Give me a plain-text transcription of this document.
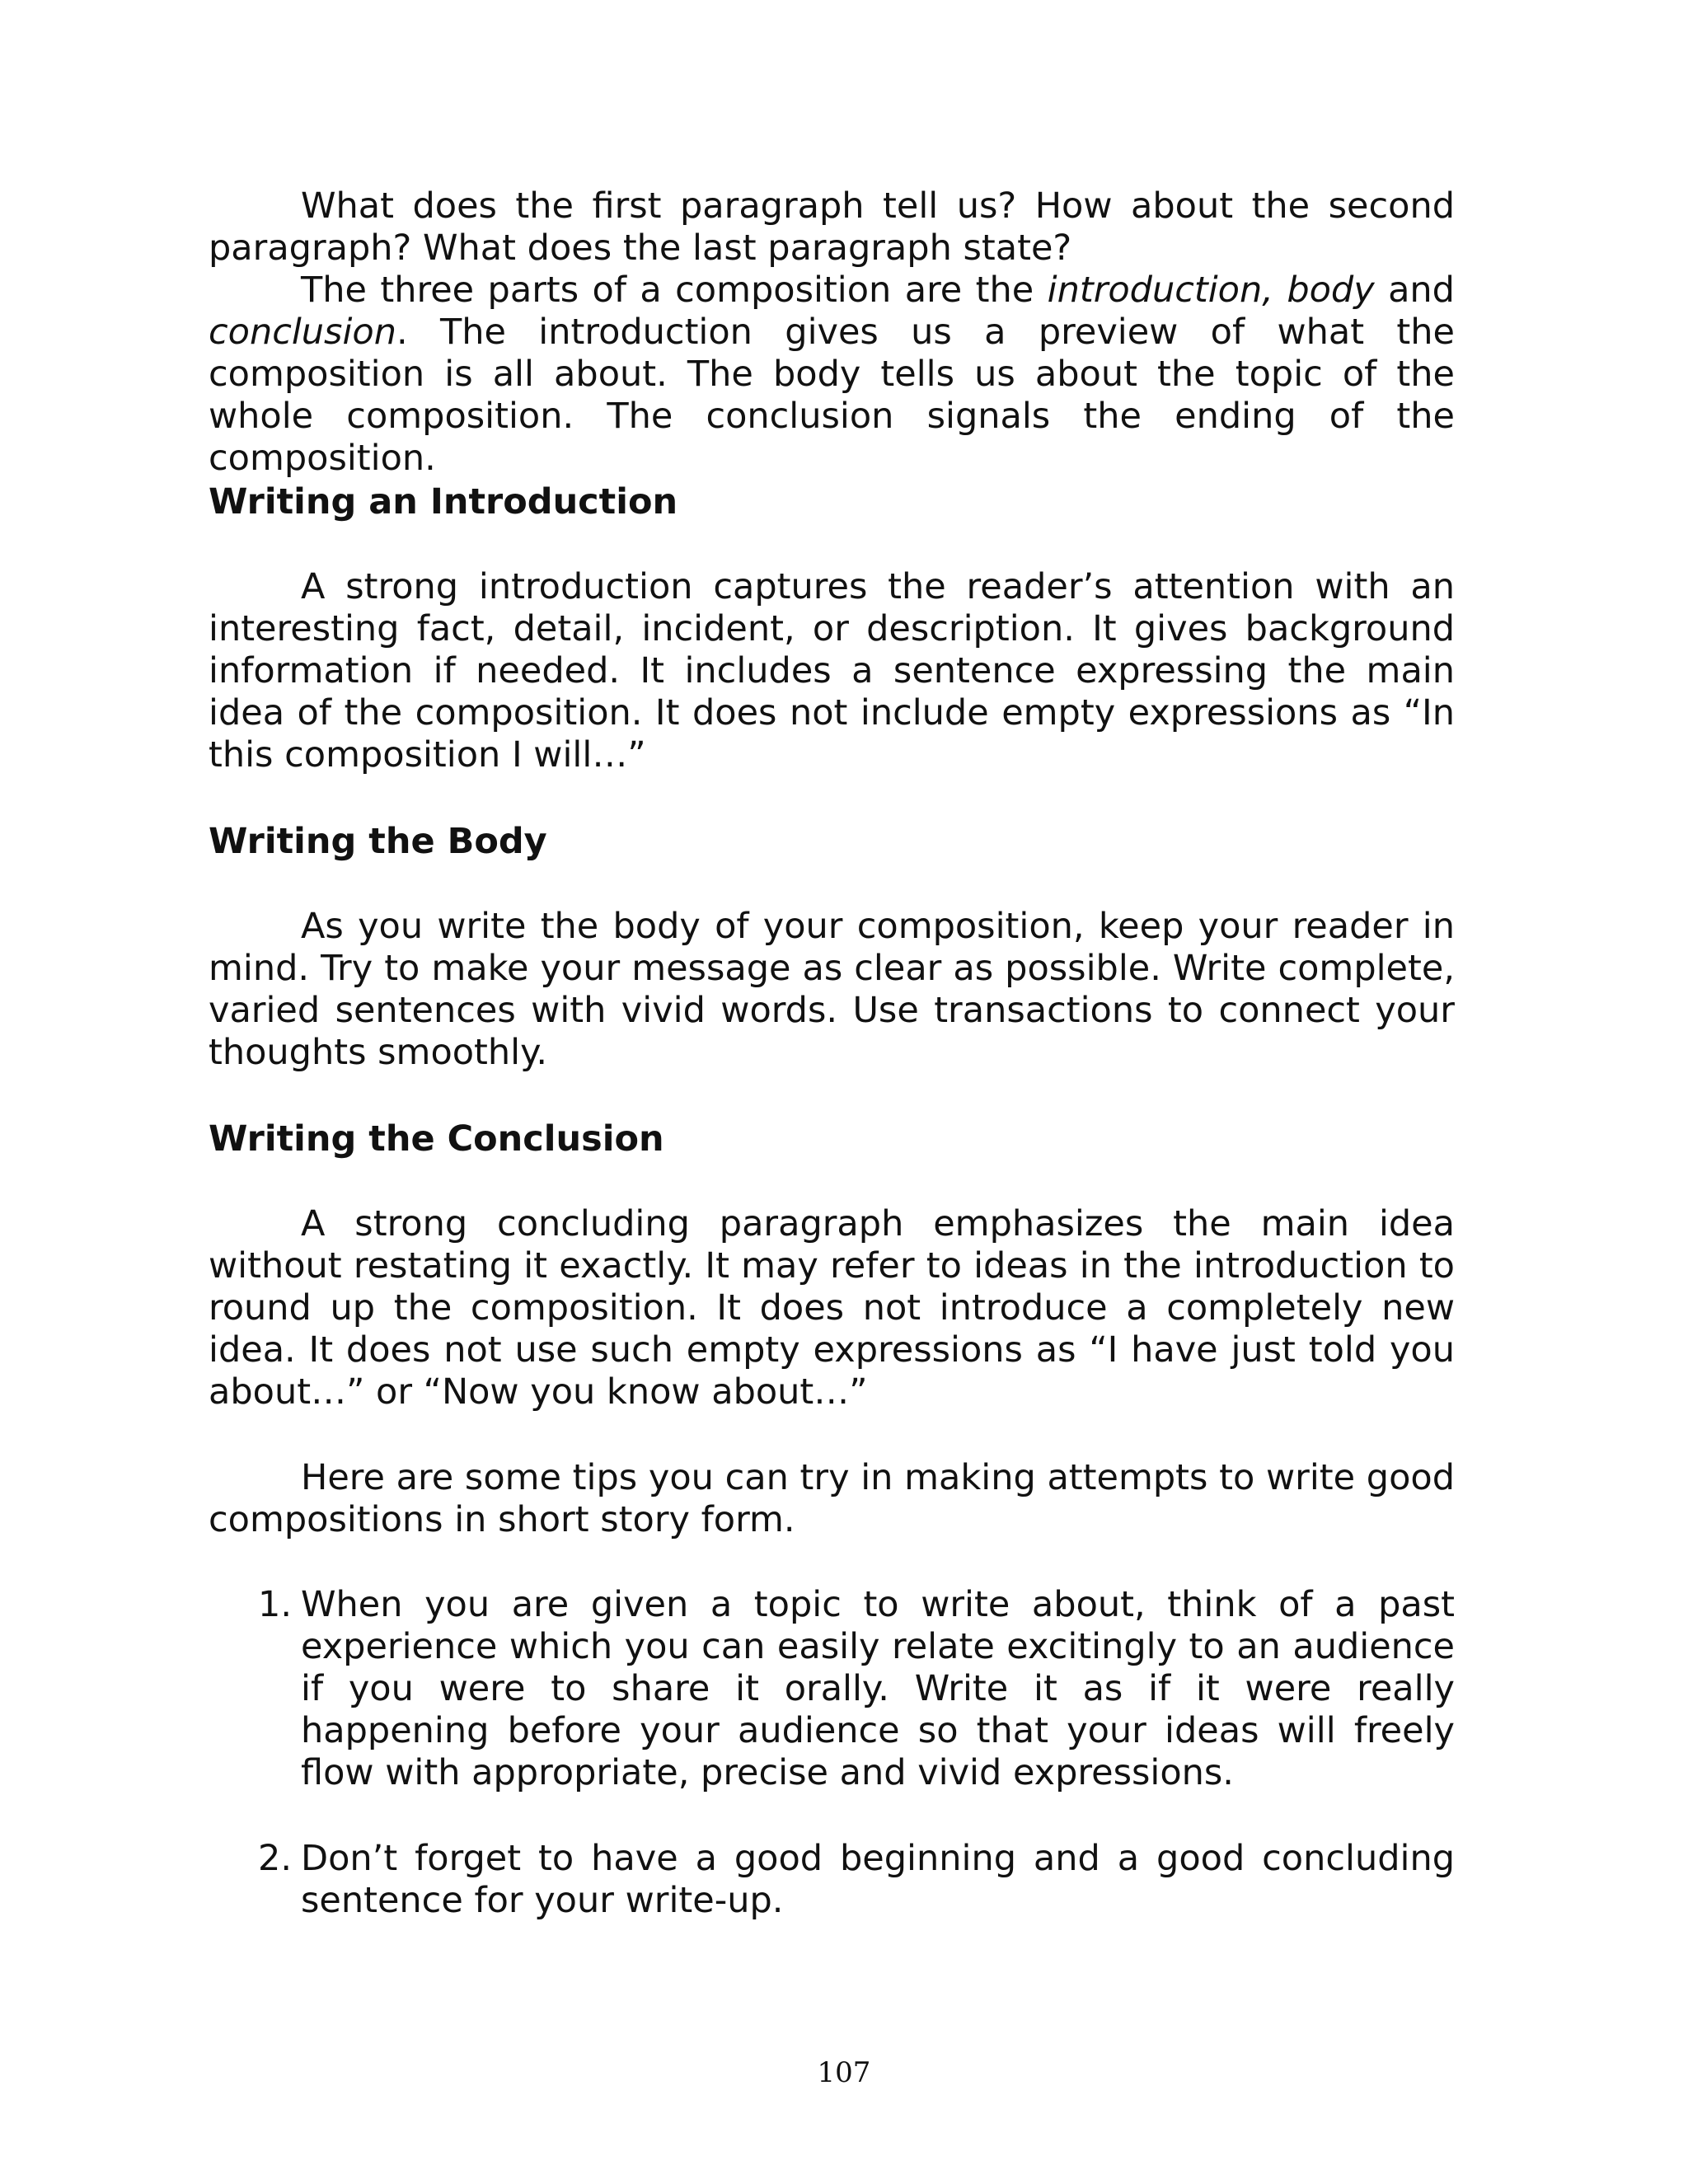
What does the first paragraph tell us? How about the second paragraph? What does the last paragraph state?

The three parts of a composition are the introduction, body and conclusion. The introduction gives us a preview of what the composition is all about. The body tells us about the topic of the whole composition. The conclusion signals the ending of the composition.

Writing an Introduction

A strong introduction captures the reader’s attention with an interesting fact, detail, incident, or description. It gives background information if needed. It includes a sentence expressing the main idea of the composition. It does not include empty expressions as “In this composition I will…”

Writing the Body

As you write the body of your composition, keep your reader in mind. Try to make your message as clear as possible. Write complete, varied sentences with vivid words. Use transactions to connect your thoughts smoothly.

Writing the Conclusion

A strong concluding paragraph emphasizes the main idea without restating it exactly. It may refer to ideas in the introduction to round up the composition. It does not introduce a completely new idea. It does not use such empty expressions as “I have just told you about…” or “Now you know about…”

Here are some tips you can try in making attempts to write good compositions in short story form.

1. When you are given a topic to write about, think of a past experience which you can easily relate excitingly to an audience if you were to share it orally. Write it as if it were really happening before your audience so that your ideas will freely flow with appropriate, precise and vivid expressions.
2. Don’t forget to have a good beginning and a good concluding sentence for your write-up.
107
